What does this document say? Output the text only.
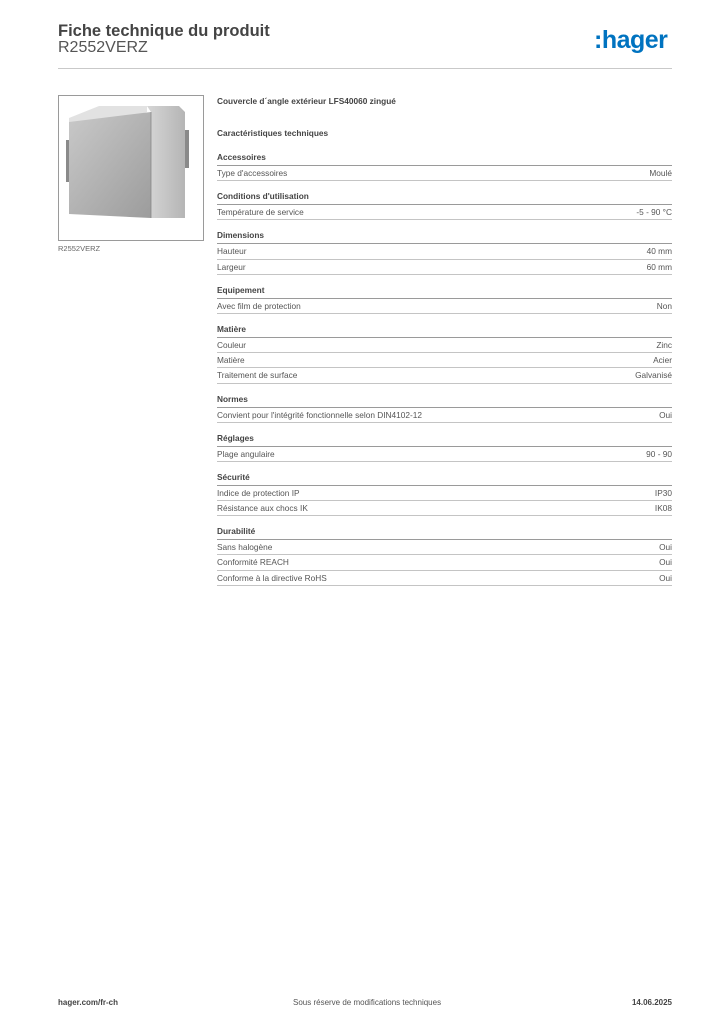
Fiche technique du produit
R2552VERZ	:hager
R2552VERZ
Couvercle d´angle extérieur LFS40060 zingué
Caractéristiques techniques
Accessoires
Type d'accessoires	Moulé
Conditions d'utilisation
Température de service	-5 - 90 °C
Dimensions
Hauteur	40 mm
Largeur	60 mm
Equipement
Avec film de protection	Non
Matière
Couleur	Zinc
Matière	Acier
Traitement de surface	Galvanisé
Normes
Convient pour l'intégrité fonctionnelle selon DIN4102-12	Oui
Réglages
Plage angulaire	90 - 90
Sécurité
Indice de protection IP	IP30
Résistance aux chocs IK	IK08
Durabilité
Sans halogène	Oui
Conformité REACH	Oui
Conforme à la directive RoHS	Oui
hager.com/fr-ch	Sous réserve de modifications techniques	14.06.2025
